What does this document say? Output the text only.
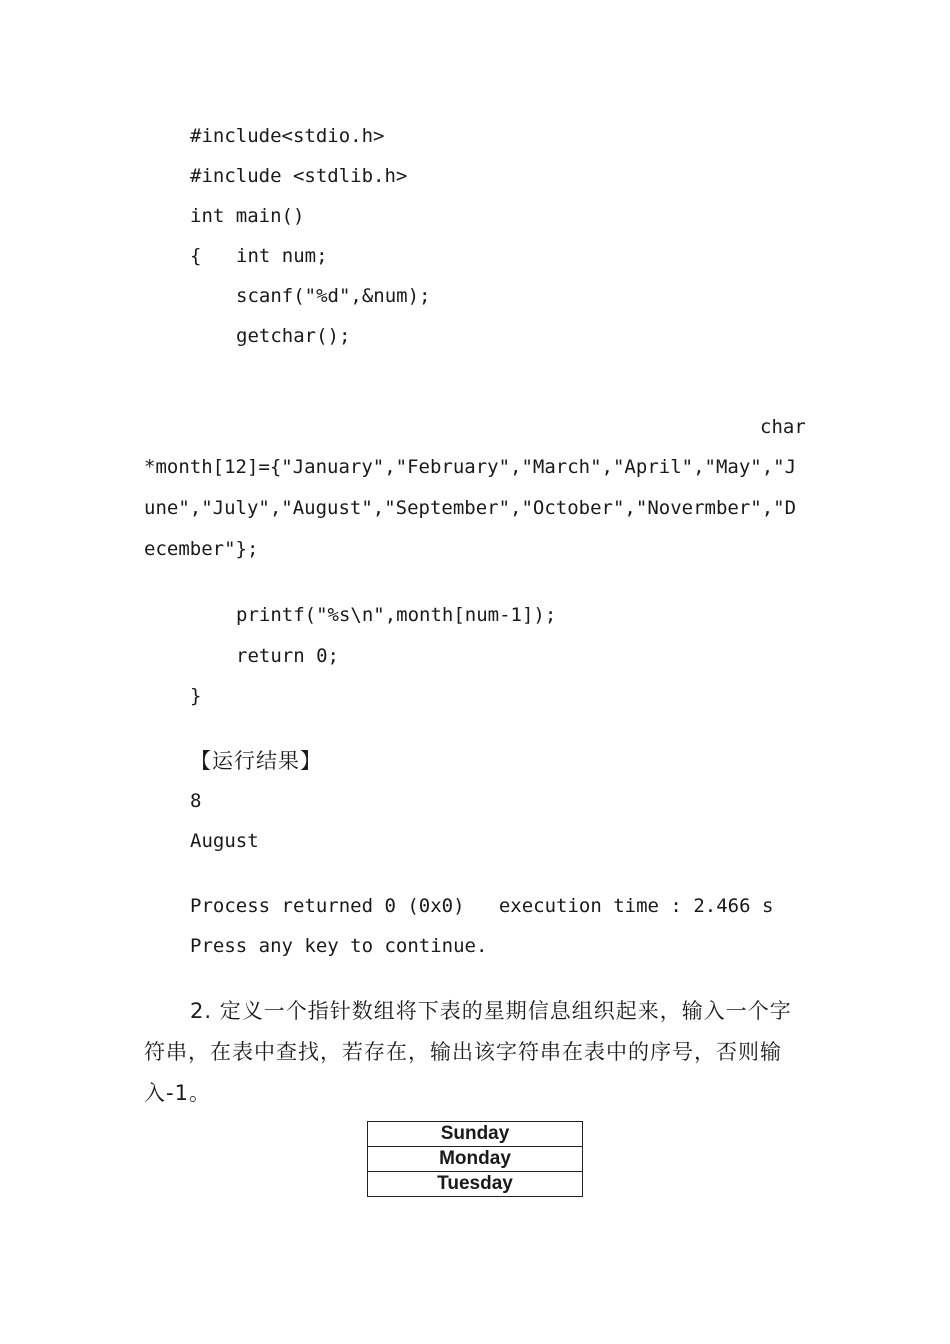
#include<stdio.h>
#include <stdlib.h>
int main()
{ int num;
scanf("%d",&num);
getchar();
char
*month[12]={"January","February","March","April","May","June","July","August","September","October","Novermber","December"};
printf("%s\n",month[num-1]);
return 0;
}
【运行结果】
8
August
Process returned 0 (0x0)   execution time : 2.466 s
Press any key to continue.
2. 定义一个指针数组将下表的星期信息组织起来，输入一个字符串，在表中查找，若存在，输出该字符串在表中的序号，否则输入-1。
Sunday
Monday
Tuesday
